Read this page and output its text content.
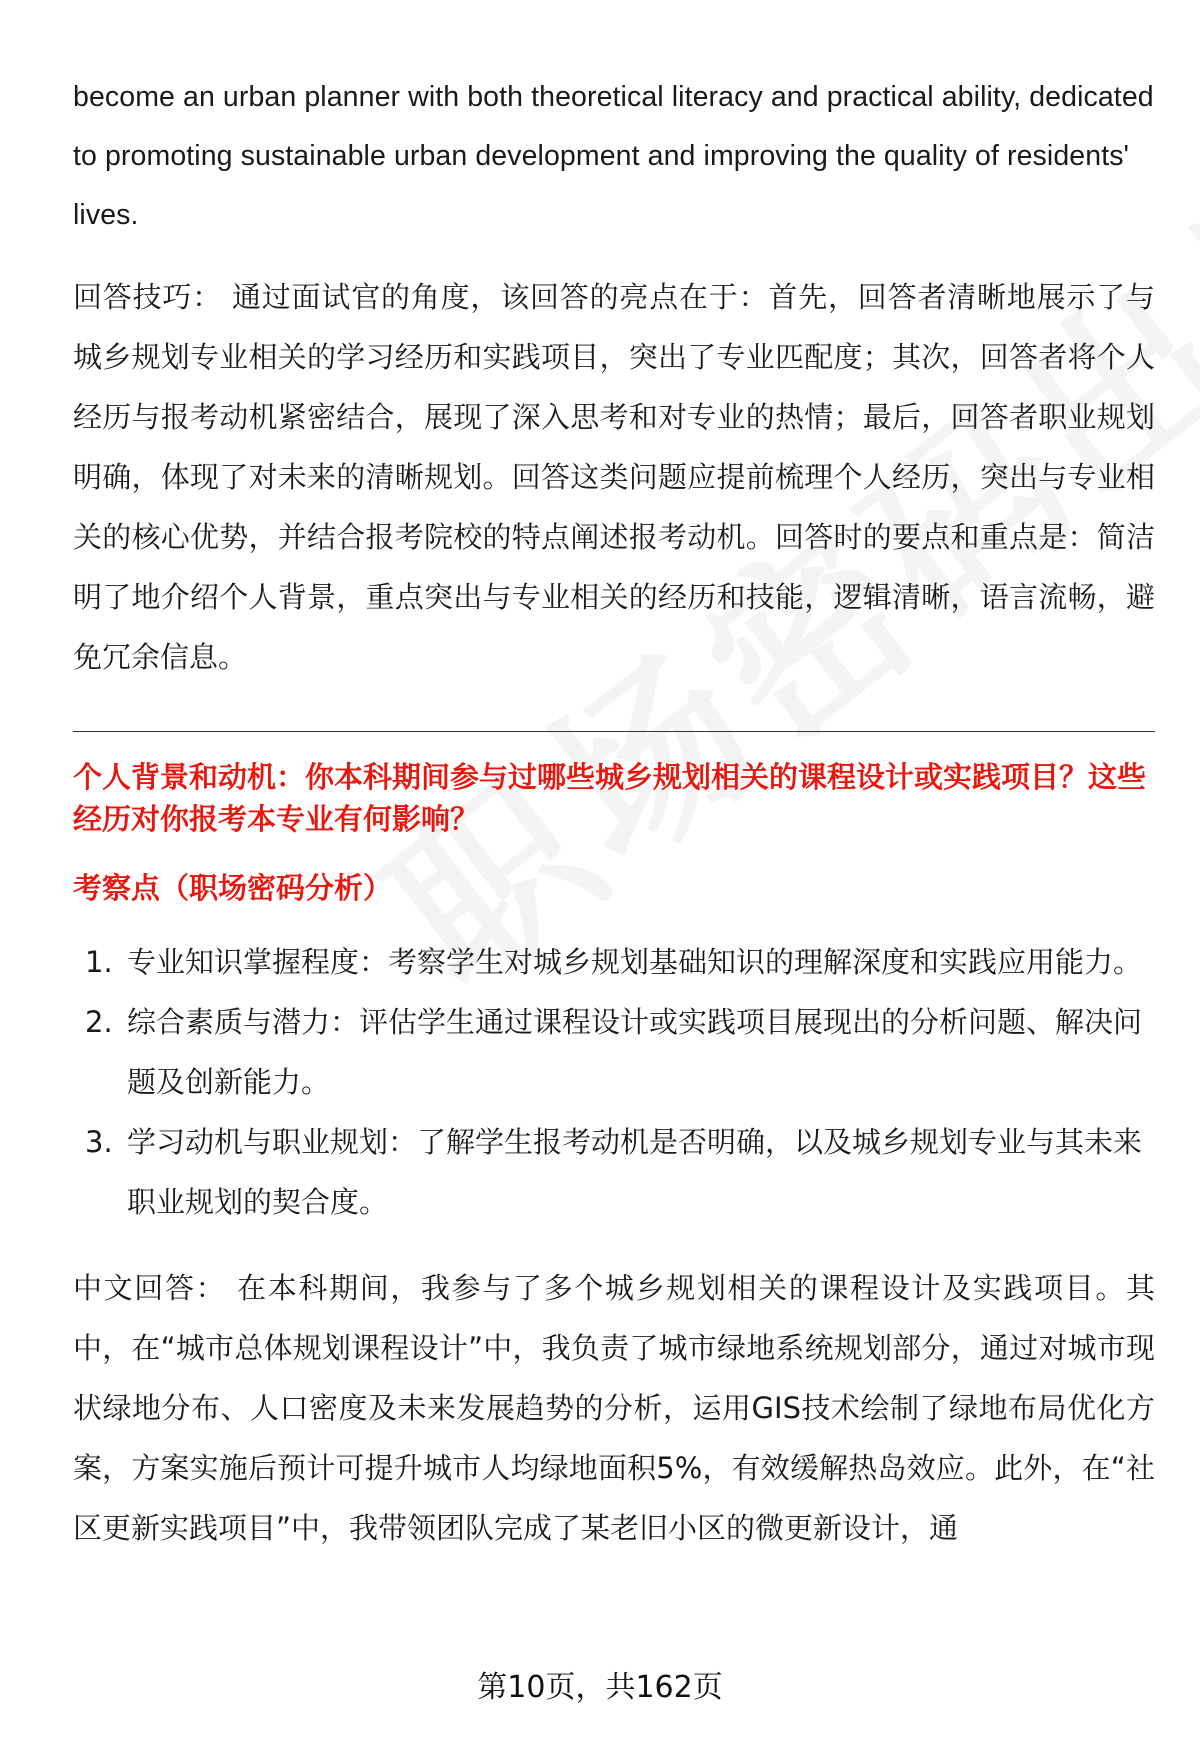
become an urban planner with both theoretical literacy and practical ability, dedicated to promoting sustainable urban development and improving the quality of residents' lives.

回答技巧： 通过面试官的角度，该回答的亮点在于：首先，回答者清晰地展示了与城乡规划专业相关的学习经历和实践项目，突出了专业匹配度；其次，回答者将个人经历与报考动机紧密结合，展现了深入思考和对专业的热情；最后，回答者职业规划明确，体现了对未来的清晰规划。回答这类问题应提前梳理个人经历，突出与专业相关的核心优势，并结合报考院校的特点阐述报考动机。回答时的要点和重点是：简洁明了地介绍个人背景，重点突出与专业相关的经历和技能，逻辑清晰，语言流畅，避免冗余信息。

个人背景和动机：你本科期间参与过哪些城乡规划相关的课程设计或实践项目？这些经历对你报考本专业有何影响？
考察点（职场密码分析）
1. 专业知识掌握程度：考察学生对城乡规划基础知识的理解深度和实践应用能力。
2. 综合素质与潜力：评估学生通过课程设计或实践项目展现出的分析问题、解决问题及创新能力。
3. 学习动机与职业规划：了解学生报考动机是否明确，以及城乡规划专业与其未来职业规划的契合度。

中文回答： 在本科期间，我参与了多个城乡规划相关的课程设计及实践项目。其中，在“城市总体规划课程设计”中，我负责了城市绿地系统规划部分，通过对城市现状绿地分布、人口密度及未来发展趋势的分析，运用GIS技术绘制了绿地布局优化方案，方案实施后预计可提升城市人均绿地面积5%，有效缓解热岛效应。此外，在“社区更新实践项目”中，我带领团队完成了某老旧小区的微更新设计，通

第10页，共162页
